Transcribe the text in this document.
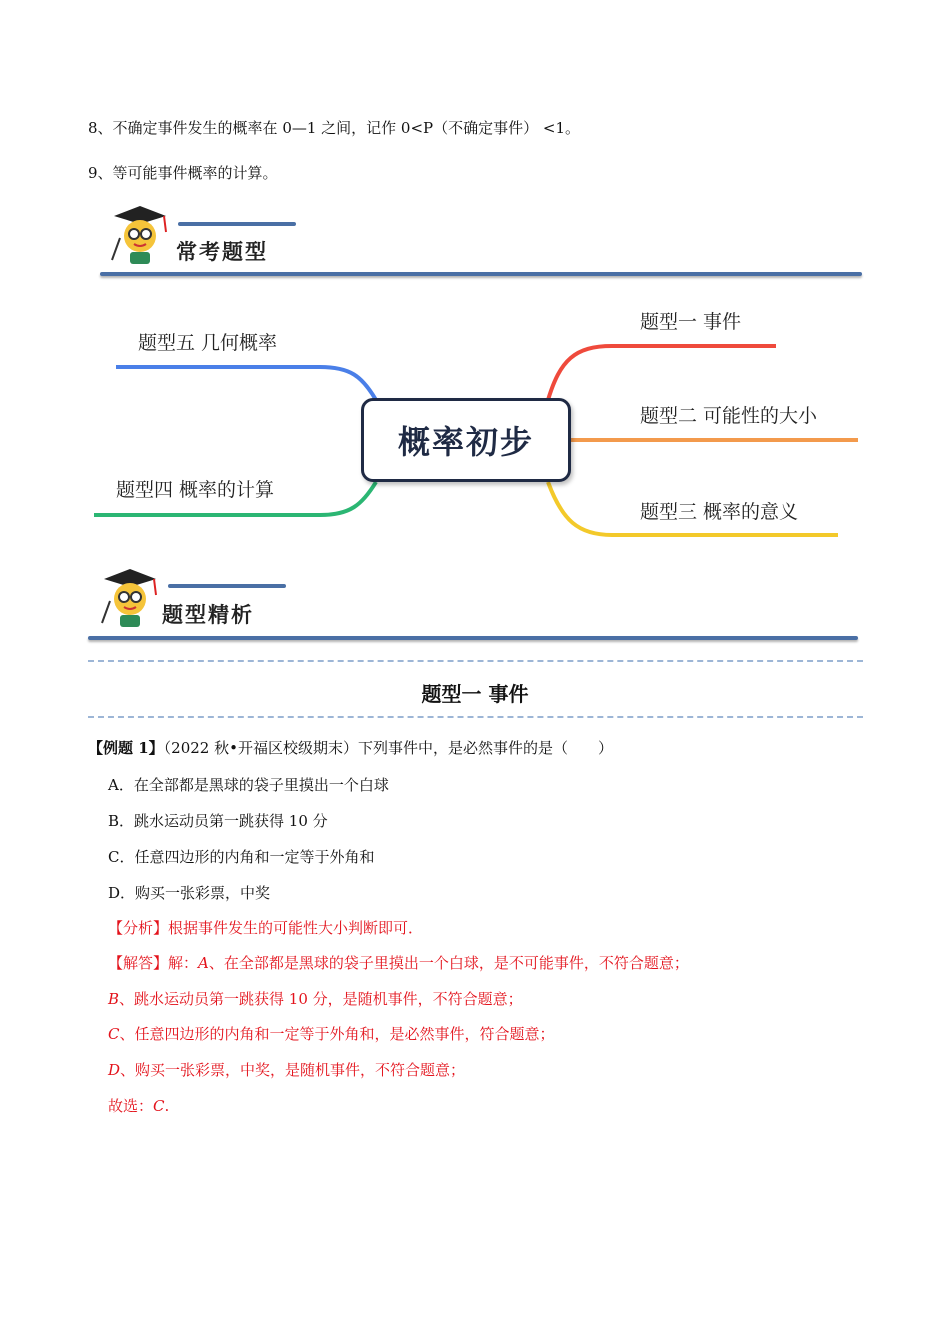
8、不确定事件发生的概率在 0—1 之间，记作 0<P（不确定事件） <1。
9、等可能事件概率的计算。
常考题型
题型一 事件
题型二 可能性的大小
题型三 概率的意义
题型四 概率的计算
题型五 几何概率
概率初步
题型精析
题型一 事件
【例题 1】（2022 秋•开福区校级期末）下列事件中，是必然事件的是（　　）
A．在全部都是黑球的袋子里摸出一个白球
B．跳水运动员第一跳获得 10 分
C．任意四边形的内角和一定等于外角和
D．购买一张彩票，中奖
【分析】根据事件发生的可能性大小判断即可．
【解答】解：A、在全部都是黑球的袋子里摸出一个白球，是不可能事件，不符合题意；
B、跳水运动员第一跳获得 10 分，是随机事件，不符合题意；
C、任意四边形的内角和一定等于外角和，是必然事件，符合题意；
D、购买一张彩票，中奖，是随机事件，不符合题意；
故选：C.
